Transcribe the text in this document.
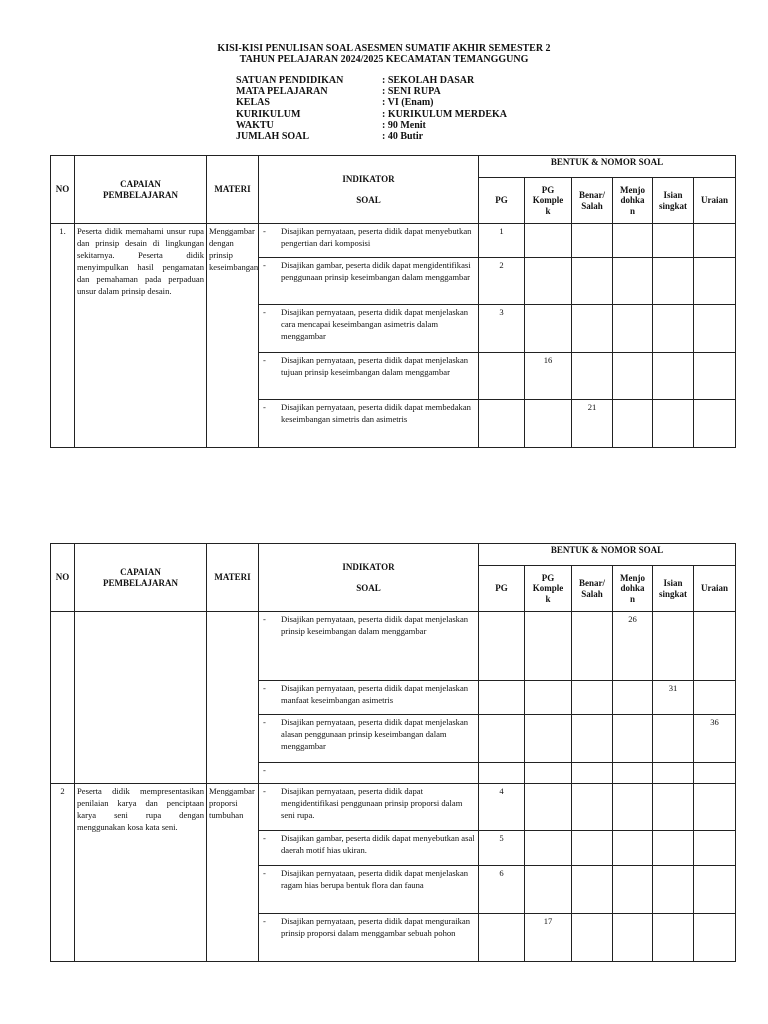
KISI-KISI PENULISAN SOAL ASESMEN SUMATIF AKHIR SEMESTER 2
TAHUN PELAJARAN 2024/2025 KECAMATAN TEMANGGUNG
SATUAN PENDIDIKAN	: SEKOLAH DASAR
MATA PELAJARAN	: SENI RUPA
KELAS	: VI (Enam)
KURIKULUM	: KURIKULUM MERDEKA
WAKTU	: 90 Menit
JUMLAH SOAL	: 40 Butir
NO	CAPAIAN
PEMBELAJARAN	MATERI	INDIKATOR

SOAL	BENTUK & NOMOR SOAL					
				PG	PG
Komple
k	Benar/
Salah	Menjo
dohka
n	Isian
singkat	Uraian
1.	Peserta didik memahami unsur rupa dan prinsip desain di lingkungan sekitarnya. Peserta didik menyimpulkan hasil pengamatan dan pemahaman pada perpaduan unsur dalam prinsip desain.	Menggambar dengan prinsip keseimbangan	- Disajikan pernyataan, peserta didik dapat menyebutkan pengertian dari komposisi	1					

			- Disajikan gambar, peserta didik dapat mengidentifikasi penggunaan prinsip keseimbangan dalam menggambar	2					

			- Disajikan pernyataan, peserta didik dapat menjelaskan cara mencapai keseimbangan asimetris dalam menggambar	3					

			- Disajikan pernyataan, peserta didik dapat menjelaskan tujuan prinsip keseimbangan dalam menggambar		16				

			- Disajikan pernyataan, peserta didik dapat membedakan keseimbangan simetris dan asimetris			21			
NO	CAPAIAN
PEMBELAJARAN	MATERI	INDIKATOR

SOAL	BENTUK & NOMOR SOAL					
				PG	PG
Komple
k	Benar/
Salah	Menjo
dohka
n	Isian
singkat	Uraian

			- Disajikan pernyataan, peserta didik dapat menjelaskan prinsip keseimbangan dalam menggambar				26		

			- Disajikan pernyataan, peserta didik dapat menjelaskan manfaat keseimbangan asimetris					31	

			- Disajikan pernyataan, peserta didik dapat menjelaskan alasan penggunaan prinsip keseimbangan dalam menggambar						36

			-						

2	Peserta didik mempresentasikan penilaian karya dan penciptaan karya seni rupa dengan menggunakan kosa kata seni.	Menggambar proporsi tumbuhan	- Disajikan pernyataan, peserta didik dapat mengidentifikasi penggunaan prinsip proporsi dalam seni rupa.	4					

			- Disajikan gambar, peserta didik dapat menyebutkan asal daerah motif hias ukiran.	5					

			- Disajikan pernyataan, peserta didik dapat menjelaskan ragam hias berupa bentuk flora dan fauna	6					

			- Disajikan pernyataan, peserta didik dapat menguraikan prinsip proporsi dalam menggambar sebuah pohon		17				
